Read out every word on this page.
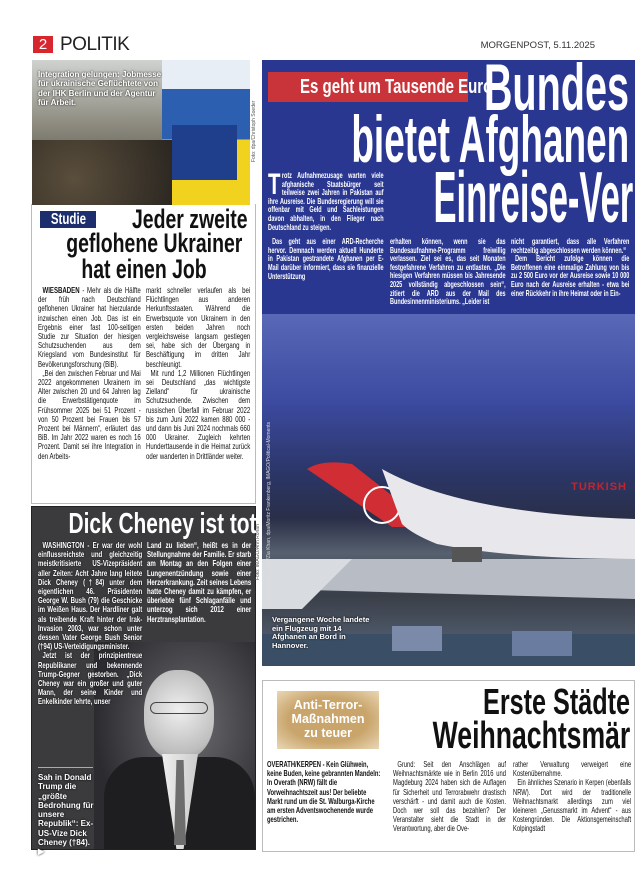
2 POLITIK	MORGENPOST, 5.11.2025
Integration gelungen: Jobmesse für ukrainische Geflüchtete von der IHK Berlin und der Agentur für Arbeit.	Foto: dpa/Christoph Soeder
Studie	Jeder zweite
geflohene Ukrainer
hat einen Job

WIESBADEN - Mehr als die Hälfte der früh nach Deutschland geflohenen Ukrainer hat hierzulande inzwischen einen Job. Das ist ein Ergebnis einer fast 100-seitigen Studie zur Situation der hiesigen Schutzsuchenden aus dem Kriegsland vom Bundesinstitut für Bevölkerungsforschung (BiB).

„Bei den zwischen Februar und Mai 2022 angekommenen Ukrainern im Alter zwischen 20 und 64 Jahren lag die Erwerbstätigenquote im Frühsommer 2025 bei 51 Prozent - von 50 Prozent bei Frauen bis 57 Prozent bei Männern“, erläutert das BiB. Im Jahr 2022 waren es noch 16 Prozent. Damit sei ihre Integration in den Arbeits-

markt schneller verlaufen als bei Flüchtlingen aus anderen Herkunftsstaaten. Während die Erwerbsquote von Ukrainern in den ersten beiden Jahren noch vergleichsweise langsam gestiegen sei, habe sich der Übergang in Beschäftigung im dritten Jahr beschleunigt.

Mit rund 1,2 Millionen Flüchtlingen sei Deutschland „das wichtigste Zielland“ für ukrainische Schutzsuchende. Zwischen dem russischen Überfall im Februar 2022 bis zum Juni 2022 kamen 880 000 - und dann bis Juni 2024 nochmals 660 000 Ukrainer. Zugleich kehrten Hunderttausende in die Heimat zurück oder wanderten in Drittländer weiter.

Dick Cheney ist tot

WASHINGTON - Er war der wohl einflussreichste und gleichzeitig meistkritisierte US-Vizepräsident aller Zeiten: Acht Jahre lang leitete Dick Cheney (†84) unter dem eigentlichen 46. Präsidenten George W. Bush (79) die Geschicke im Weißen Haus. Der Hardliner galt als treibende Kraft hinter der Irak-Invasion 2003, war schon unter dessen Vater George Bush Senior (†94) US-Verteidigungsminister.

Jetzt ist der prinzipientreue Republikaner und bekennende Trump-Gegner gestorben. „Dick Cheney war ein großer und guter Mann, der seine Kinder und Enkelkinder lehrte, unser

Land zu lieben“, heißt es in der Stellungnahme der Familie. Er starb am Montag an den Folgen einer Lungenentzündung sowie einer Herzerkrankung. Zeit seines Lebens hatte Cheney damit zu kämpfen, er überlebte fünf Schlaganfälle und unterzog sich 2012 einer Herztransplantation.

Sah in Donald Trump die „größte Bedrohung für unsere Republik“: Ex-US-Vize Dick Cheney (†84). ▶
Es geht um Tausende Euro
Bundes
bietet Afghanen
Einreise-Ver
Trotz Aufnahmezusage warten viele afghanische Staatsbürger seit teilweise zwei Jahren in Pakistan auf ihre Ausreise. Die Bundesregierung will sie offenbar mit Geld und Sachleistungen davon abhalten, in den Flieger nach Deutschland zu steigen.

Das geht aus einer ARD-Recherche hervor. Demnach werden aktuell Hunderte in Pakistan gestrandete Afghanen per E-Mail darüber informiert, dass sie finanzielle Unterstützung

erhalten können, wenn sie das Bundesaufnahme-Programm freiwillig verlassen. Ziel sei es, das seit Monaten festgefahrene Verfahren zu entlasten. „Die hiesigen Verfahren müssen bis Jahresende 2025 vollständig abgeschlossen sein“, zitiert die ARD aus der Mail des Bundesinnenministeriums. „Leider ist

nicht garantiert, dass alle Verfahren rechtzeitig abgeschlossen werden können.“

Dem Bericht zufolge können die Betroffenen eine einmalige Zahlung von bis zu 2 500 Euro vor der Ausreise sowie 10 000 Euro nach der Ausreise erhalten - etwa bei einer Rückkehr in ihre Heimat oder in Ein-

TURKISH
Vergangene Woche landete ein Flugzeug mit 14 Afghanen an Bord in Hannover.
Fotos/Montage: dpa/Zia Khan, dpa/Moritz Frankenberg, IMAGO/Political-Moments
Foto: IMAGO/Ann Ronan
Anti-Terror-Maßnahmen zu teuer
Erste Städte
Weihnachtsmär
OVERATH/KERPEN - Kein Glühwein, keine Buden, keine gebrannten Mandeln: In Overath (NRW) fällt die Vorweihnachtszeit aus! Der beliebte Markt rund um die St. Walburga-Kirche am ersten Adventswochenende wurde gestrichen.

Grund: Seit den Anschlägen auf Weihnachtsmärkte wie in Berlin 2016 und Magdeburg 2024 haben sich die Auflagen für Sicherheit und Terrorabwehr drastisch verschärft - und damit auch die Kosten. Doch wer soll das bezahlen? Der Veranstalter sieht die Stadt in der Verantwortung, aber die Ove-

rather Verwaltung verweigert eine Kostenübernahme.

Ein ähnliches Szenario in Kerpen (ebenfalls NRW). Dort wird der traditionelle Weihnachtsmarkt allerdings zum viel kleineren „Genussmarkt im Advent“ - aus Kostengründen. Die Aktionsgemeinschaft Kolpingstadt
